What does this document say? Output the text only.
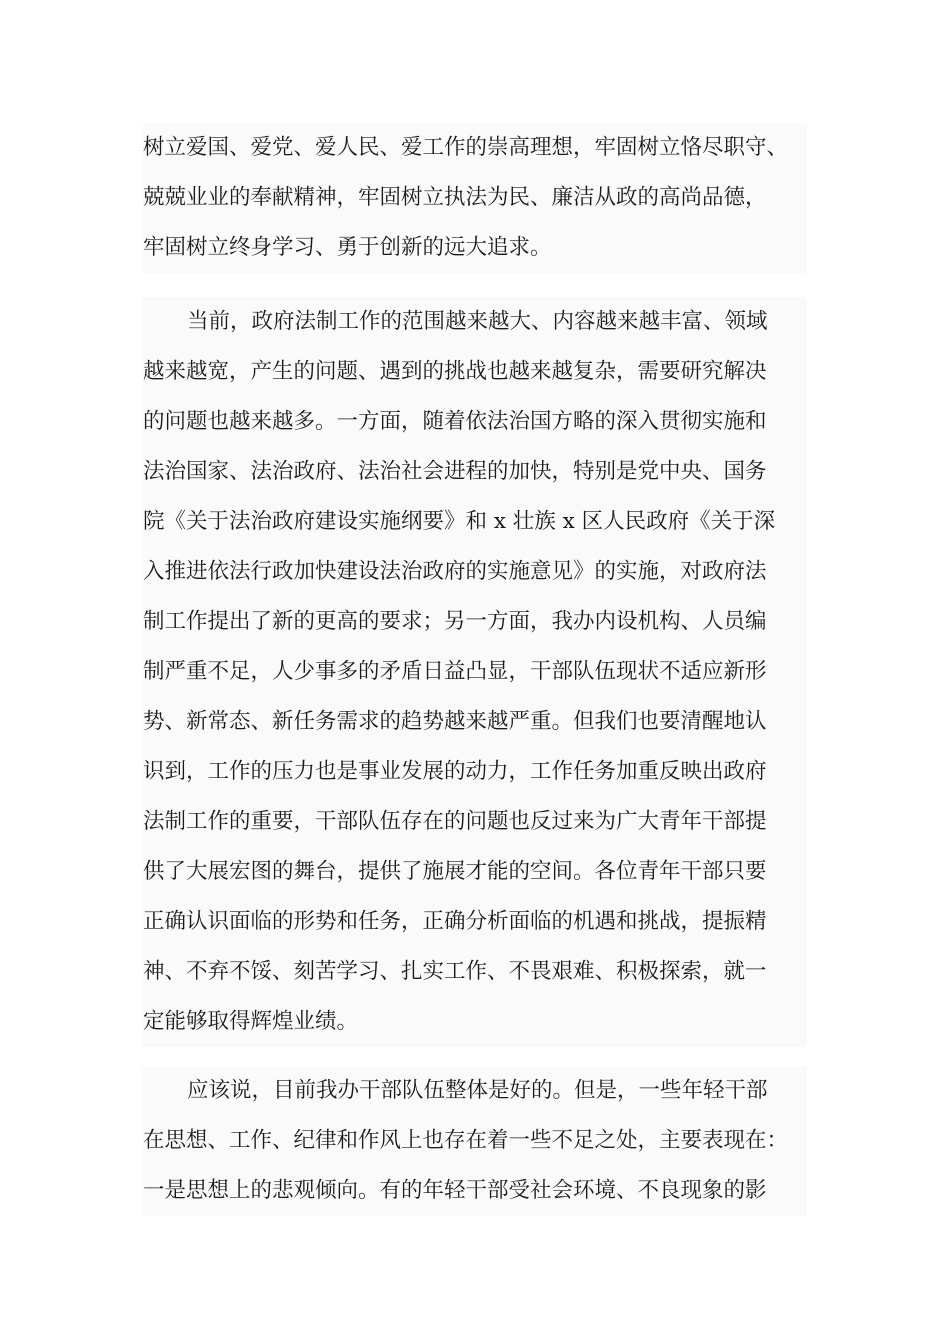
树立爱国、爱党、爱人民、爱工作的崇高理想，牢固树立恪尽职守、
兢兢业业的奉献精神，牢固树立执法为民、廉洁从政的高尚品德，
牢固树立终身学习、勇于创新的远大追求。
当前，政府法制工作的范围越来越大、内容越来越丰富、领域
越来越宽，产生的问题、遇到的挑战也越来越复杂，需要研究解决
的问题也越来越多。一方面，随着依法治国方略的深入贯彻实施和
法治国家、法治政府、法治社会进程的加快，特别是党中央、国务
院《关于法治政府建设实施纲要》和 x 壮族 x 区人民政府《关于深
入推进依法行政加快建设法治政府的实施意见》的实施，对政府法
制工作提出了新的更高的要求；另一方面，我办内设机构、人员编
制严重不足，人少事多的矛盾日益凸显，干部队伍现状不适应新形
势、新常态、新任务需求的趋势越来越严重。但我们也要清醒地认
识到，工作的压力也是事业发展的动力，工作任务加重反映出政府
法制工作的重要，干部队伍存在的问题也反过来为广大青年干部提
供了大展宏图的舞台，提供了施展才能的空间。各位青年干部只要
正确认识面临的形势和任务，正确分析面临的机遇和挑战，提振精
神、不弃不馁、刻苦学习、扎实工作、不畏艰难、积极探索，就一
定能够取得辉煌业绩。
应该说，目前我办干部队伍整体是好的。但是，一些年轻干部
在思想、工作、纪律和作风上也存在着一些不足之处，主要表现在：
一是思想上的悲观倾向。有的年轻干部受社会环境、不良现象的影
